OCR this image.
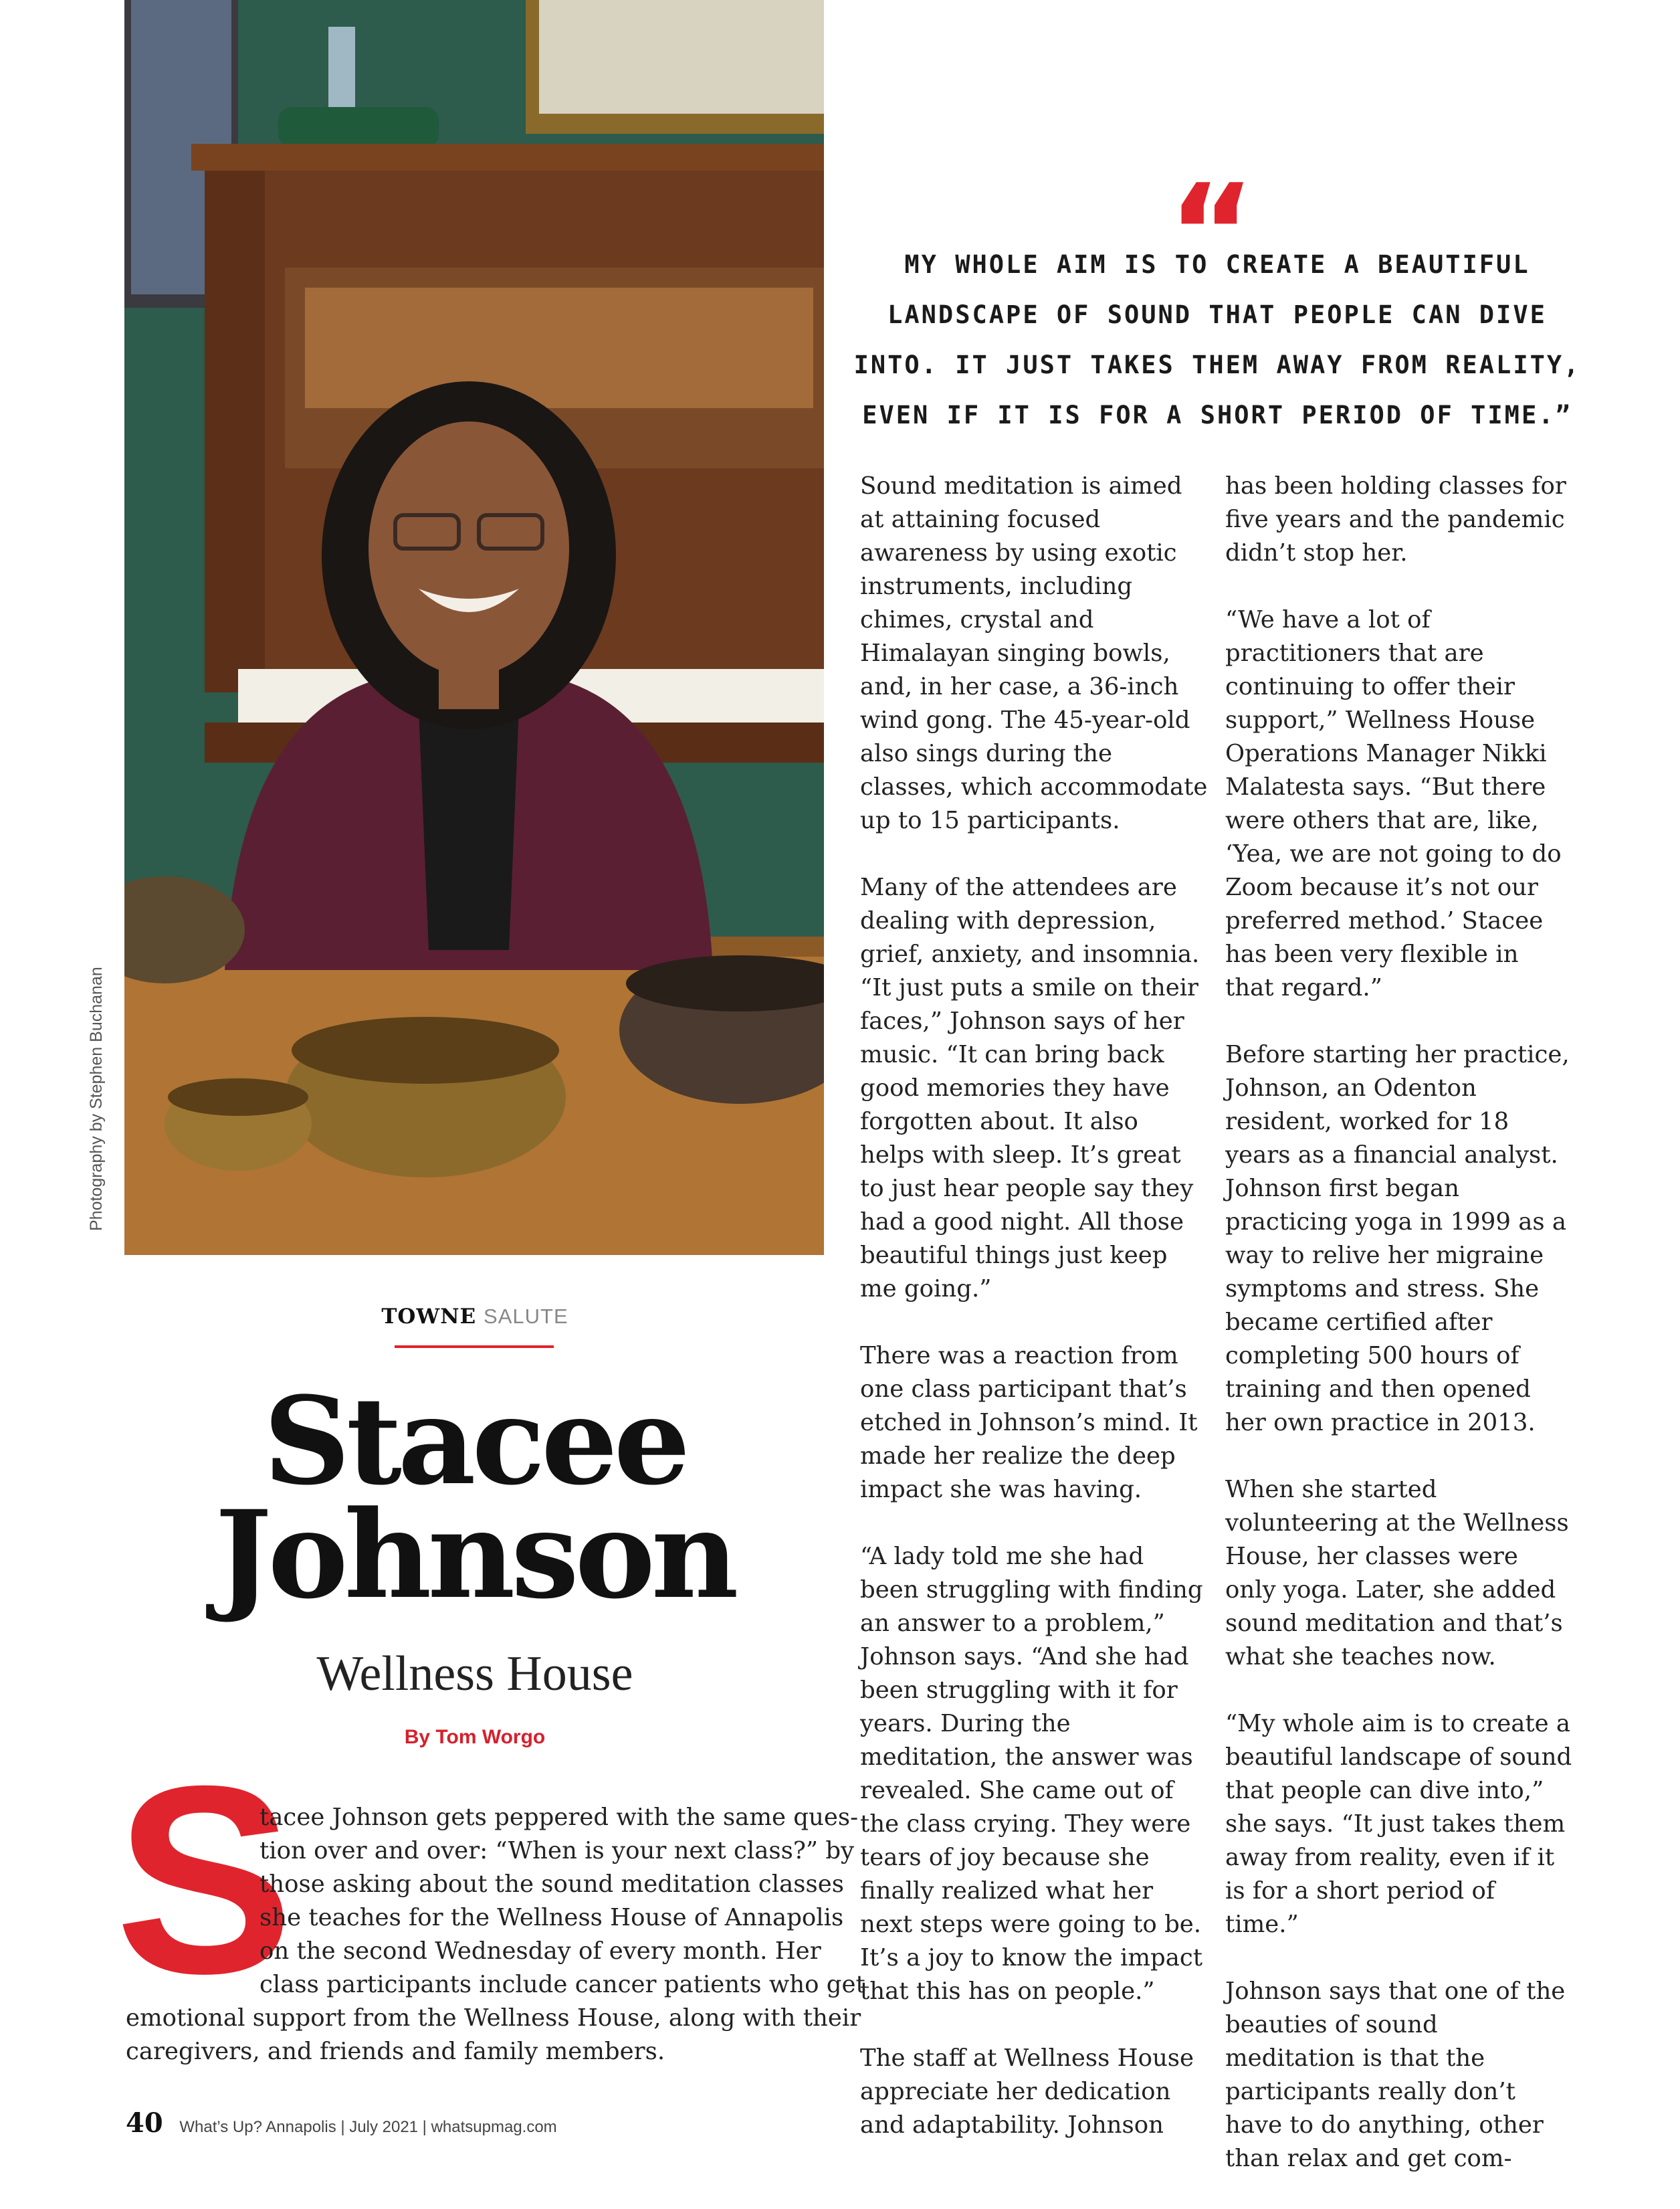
Photography by Stephen Buchanan
“
MY WHOLE AIM IS TO CREATE A BEAUTIFUL
LANDSCAPE OF SOUND THAT PEOPLE CAN DIVE
INTO. IT JUST TAKES THEM AWAY FROM REALITY,
EVEN IF IT IS FOR A SHORT PERIOD OF TIME.”

Sound meditation is aimed at attaining focused awareness by using exotic instruments, including chimes, crystal and Himalayan singing bowls, and, in her case, a 36-inch wind gong. The 45-year-old also sings during the classes, which accommodate up to 15 participants.

Many of the attendees are dealing with depression, grief, anxiety, and insomnia. “It just puts a smile on their faces,” Johnson says of her music. “It can bring back good memories they have forgotten about. It also helps with sleep. It’s great to just hear people say they had a good night. All those beautiful things just keep me going.”

There was a reaction from one class participant that’s etched in Johnson’s mind. It made her realize the deep impact she was having.

“A lady told me she had been struggling with finding an answer to a problem,” Johnson says. “And she had been struggling with it for years. During the meditation, the answer was revealed. She came out of the class crying. They were tears of joy because she finally realized what her next steps were going to be. It’s a joy to know the impact that this has on people.”

The staff at Wellness House appreciate her dedication and adaptability. Johnson

has been holding classes for five years and the pandemic didn’t stop her.

“We have a lot of practitioners that are continuing to offer their support,” Wellness House Operations Manager Nikki Malatesta says. “But there were others that are, like, ‘Yea, we are not going to do Zoom because it’s not our preferred method.’ Stacee has been very flexible in that regard.”

Before starting her practice, Johnson, an Odenton resident, worked for 18 years as a financial analyst. Johnson first began practicing yoga in 1999 as a way to relive her migraine symptoms and stress. She became certified after completing 500 hours of training and then opened her own practice in 2013.

When she started volunteering at the Wellness House, her classes were only yoga. Later, she added sound meditation and that’s what she teaches now.

“My whole aim is to create a beautiful landscape of sound that people can dive into,” she says. “It just takes them away from reality, even if it is for a short period of time.”

Johnson says that one of the beauties of sound meditation is that the participants really don’t have to do anything, other than relax and get com-

TOWNE SALUTE
Stacee
Johnson
Wellness House
By Tom Worgo
S
tacee Johnson gets peppered with the same ques-
tion over and over: “When is your next class?” by
those asking about the sound meditation classes
she teaches for the Wellness House of Annapolis
on the second Wednesday of every month. Her
class participants include cancer patients who get
emotional support from the Wellness House, along with their
caregivers, and friends and family members.
40 What’s Up? Annapolis | July 2021 | whatsupmag.com
